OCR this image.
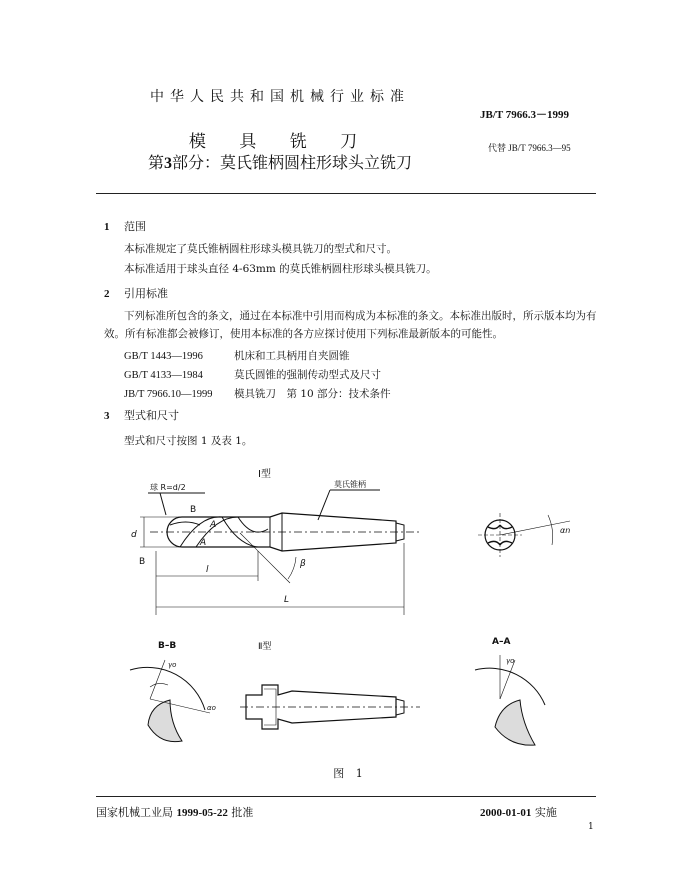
中华人民共和国机械行业标准
JB/T 7966.3－1999
模 具 铣 刀
第3部分：莫氏锥柄圆柱形球头立铣刀
代替 JB/T 7966.3—95
1 范围
本标准规定了莫氏锥柄圆柱形球头模具铣刀的型式和尺寸。
本标准适用于球头直径 4-63mm 的莫氏锥柄圆柱形球头模具铣刀。
2 引用标准
下列标准所包含的条文，通过在本标准中引用而构成为本标准的条文。本标准出版时，所示版本均为有效。所有标准都会被修订，使用本标准的各方应探讨使用下列标准最新版本的可能性。
GB/T 1443—1996	机床和工具柄用自夹圆锥
GB/T 4133—1984	莫氏圆锥的强制传动型式及尺寸
JB/T 7966.10—1999 模具铣刀　第 10 部分：技术条件
3 型式和尺寸
型式和尺寸按图 1 及表 1。
Ⅰ型
球 R=d/2	莫氏锥柄
B
B
A
A
d
l
L
β
αn
B–B
γo
αo
Ⅱ型	A–A
γo
图 1
国家机械工业局 1999-05-22 批准	2000-01-01 实施
1
